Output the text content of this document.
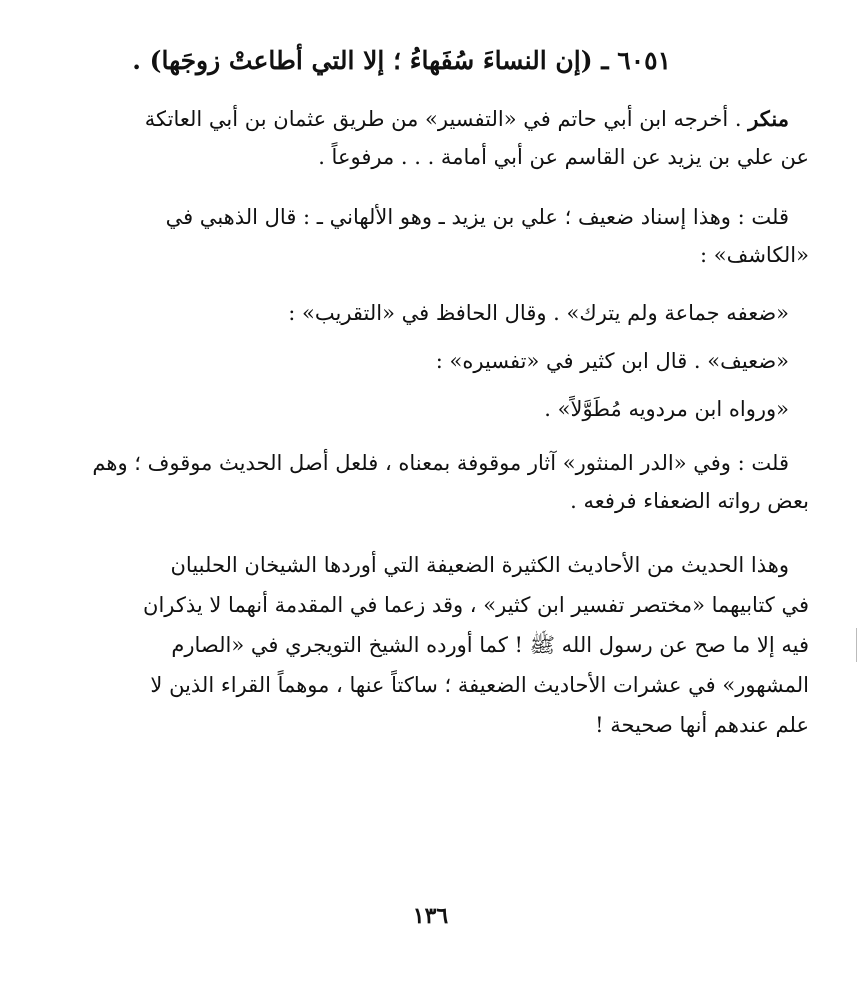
٦٠٥١ ـ (إن النساءَ سُفَهاءُ ؛ إلا التي أطاعتْ زوجَها) .
منكر . أخرجه ابن أبي حاتم في «التفسير» من طريق عثمان بن أبي العاتكة
عن علي بن يزيد عن القاسم عن أبي أمامة . . . مرفوعاً .
قلت : وهذا إسناد ضعيف ؛ علي بن يزيد ـ وهو الألهاني ـ : قال الذهبي في
«الكاشف» :
«ضعفه جماعة ولم يترك» . وقال الحافظ في «التقريب» :
«ضعيف» . قال ابن كثير في «تفسيره» :
«ورواه ابن مردويه مُطَوَّلاً» .
قلت : وفي «الدر المنثور» آثار موقوفة بمعناه ، فلعل أصل الحديث موقوف ؛ وهم
بعض رواته الضعفاء فرفعه .
وهذا الحديث من الأحاديث الكثيرة الضعيفة التي أوردها الشيخان الحلبيان
في كتابيهما «مختصر تفسير ابن كثير» ، وقد زعما في المقدمة أنهما لا يذكران
فيه إلا ما صح عن رسول الله ﷺ ! كما أورده الشيخ التويجري في «الصارم
المشهور» في عشرات الأحاديث الضعيفة ؛ ساكتاً عنها ، موهماً القراء الذين لا
علم عندهم أنها صحيحة !
١٣٦
